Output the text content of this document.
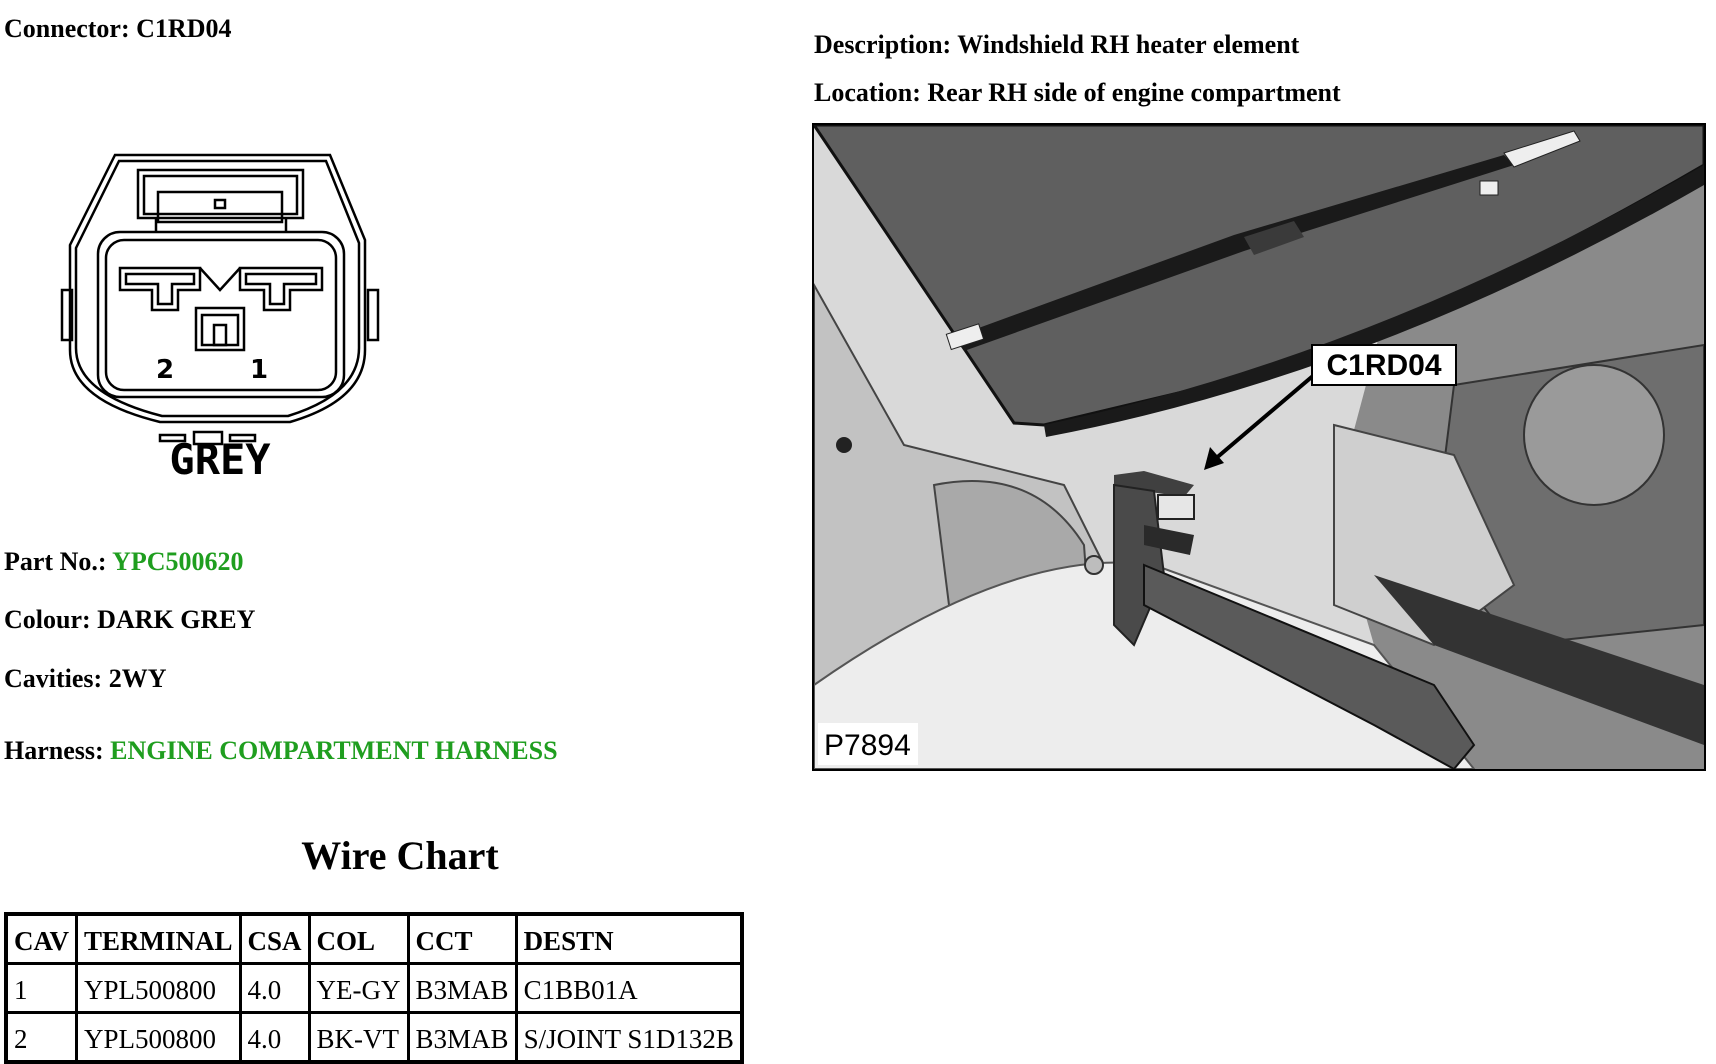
Connector: C1RD04
Description: Windshield RH heater element
Location: Rear RH side of engine compartment
2	1
GREY
Part No.: YPC500620
Colour: DARK GREY
Cavities: 2WY
Harness: ENGINE COMPARTMENT HARNESS
C1RD04
P7894
Wire Chart
CAV	TERMINAL	CSA	COL	CCT	DESTN
1	YPL500800	4.0	YE-GY	B3MAB	C1BB01A
2	YPL500800	4.0	BK-VT	B3MAB	S/JOINT S1D132B
